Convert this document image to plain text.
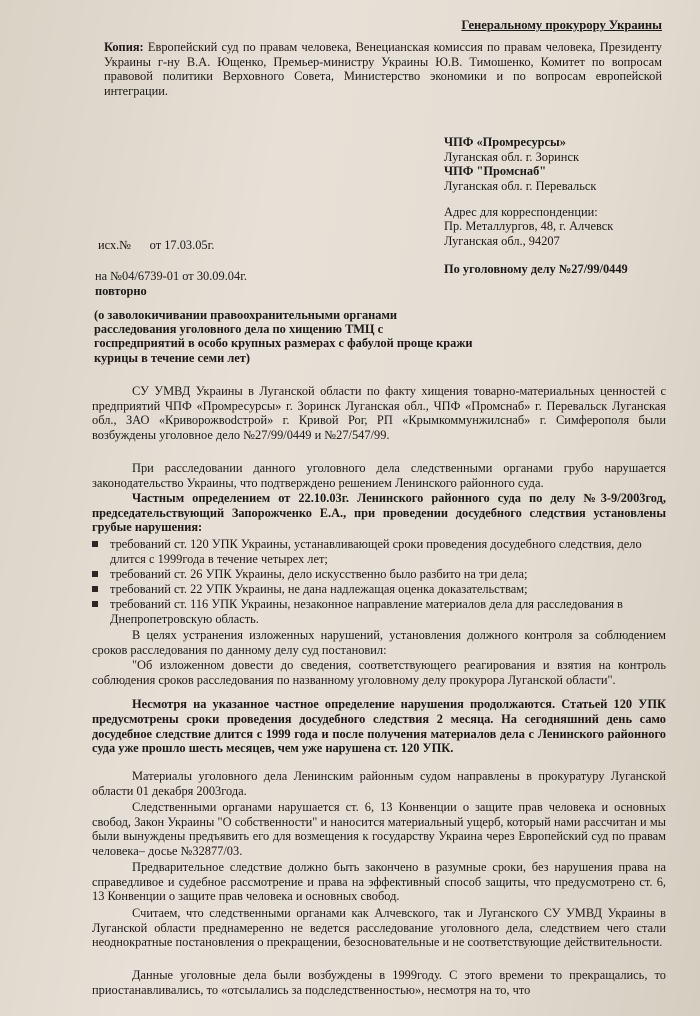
Генеральному прокурору Украины
Копия: Европейский суд по правам человека, Венецианская комиссия по правам человека, Президенту Украины г-ну В.А. Ющенко, Премьер-министру Украины Ю.В. Тимошенко, Комитет по вопросам правовой политики Верховного Совета, Министерство экономики и по вопросам европейской интеграции.
ЧПФ «Промресурсы»
Луганская обл. г. Зоринск
ЧПФ "Промснаб"
Луганская обл. г. Перевальск
Адрес для корреспонденции:
Пр. Металлургов, 48, г. Алчевск
Луганская обл., 94207
По уголовному делу №27/99/0449
исх.№      от 17.03.05г.
на №04/6739-01 от 30.09.04г.
повторно
(о заволокичивании правоохранительными органами расследования уголовного дела по хищению ТМЦ с госпредприятий в особо крупных размерах с фабулой проще кражи курицы в течение семи лет)
СУ УМВД Украины в Луганской области по факту хищения товарно-материальных ценностей с предприятий ЧПФ «Промресурсы» г. Зоринск Луганская обл., ЧПФ «Промснаб» г. Перевальск Луганская обл., ЗАО «Криворожвodстрой» г. Кривой Рог, РП «Крымкоммунжилснаб» г. Симферополя были возбуждены уголовное дело №27/99/0449 и №27/547/99.
При расследовании данного уголовного дела следственными органами грубо нарушается законодательство Украины, что подтверждено решением Ленинского районного суда.
Частным определением от 22.10.03г. Ленинского районного суда по делу №3-9/2003год, председательствующий Запорожченко Е.А., при проведении досудебного следствия установлены грубые нарушения:
требований ст. 120 УПК Украины, устанавливающей сроки проведения досудебного следствия, дело длится с 1999года в течение четырех лет;
требований ст. 26 УПК Украины, дело искусственно было разбито на три дела;
требований ст. 22 УПК Украины, не дана надлежащая оценка доказательствам;
требований ст. 116 УПК Украины, незаконное направление материалов дела для расследования в Днепропетровскую область.
В целях устранения изложенных нарушений, установления должного контроля за соблюдением сроков расследования по данному делу суд постановил:
"Об изложенном довести до сведения, соответствующего реагирования и взятия на контроль соблюдения сроков расследования по названному уголовному делу прокурора Луганской области".
Несмотря на указанное частное определение нарушения продолжаются. Статьей 120 УПК предусмотрены сроки проведения досудебного следствия 2 месяца. На сегодняшний день само досудебное следствие длится с 1999 года и после получения материалов дела с Ленинского районного суда уже прошло шесть месяцев, чем уже нарушена ст. 120 УПК.
Материалы уголовного дела Ленинским районным судом направлены в прокуратуру Луганской области 01 декабря 2003года.
Следственными органами нарушается ст. 6, 13 Конвенции о защите прав человека и основных свобод, Закон Украины "О собственности" и наносится материальный ущерб, который нами рассчитан и мы были вынуждены предъявить его для возмещения к государству Украина через Европейский суд по правам человека– досье №32877/03.
Предварительное следствие должно быть закончено в разумные сроки, без нарушения права на справедливое и судебное рассмотрение и права на эффективный способ защиты, что предусмотрено ст. 6, 13 Конвенции о защите прав человека и основных свобод.
Считаем, что следственными органами как Алчевского, так и Луганского СУ УМВД Украины в Луганской области преднамеренно не ведется расследование уголовного дела, следствием чего стали неоднократные постановления о прекращении, безосновательные и не соответствующие действительности.
Данные уголовные дела были возбуждены в 1999году. С этого времени то прекращались, то приостанавливались, то «отсылались за подследственностью», несмотря на то, что
